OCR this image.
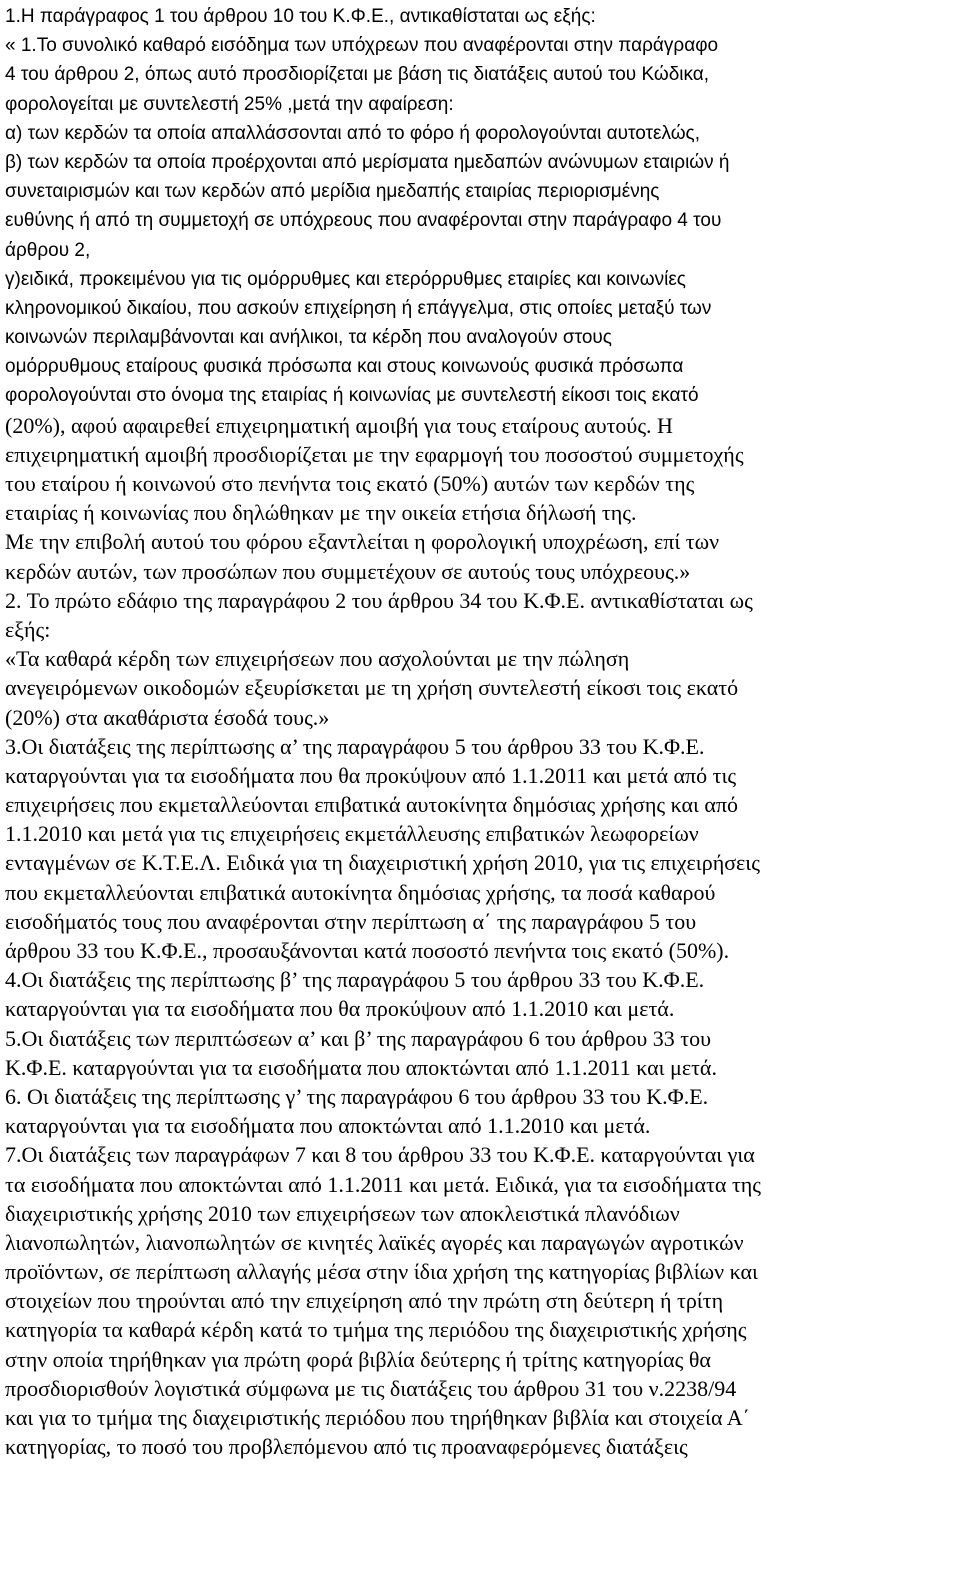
1.Η παράγραφος 1 του άρθρου 10 του Κ.Φ.Ε., αντικαθίσταται ως εξής:
« 1.Το συνολικό καθαρό εισόδημα των υπόχρεων που αναφέρονται στην παράγραφο
4 του άρθρου 2, όπως αυτό προσδιορίζεται με βάση τις διατάξεις αυτού του Κώδικα,
φορολογείται με συντελεστή 25% ,μετά την αφαίρεση:
α) των κερδών τα οποία απαλλάσσονται από το φόρο ή φορολογούνται αυτοτελώς,
β) των κερδών τα οποία προέρχονται από μερίσματα ημεδαπών ανώνυμων εταιριών ή
συνεταιρισμών και των κερδών από μερίδια ημεδαπής εταιρίας περιορισμένης
ευθύνης ή από τη συμμετοχή σε υπόχρεους που αναφέρονται στην παράγραφο 4 του
άρθρου 2,
γ)ειδικά, προκειμένου για τις ομόρρυθμες και ετερόρρυθμες εταιρίες και κοινωνίες
κληρονομικού δικαίου, που ασκούν επιχείρηση ή επάγγελμα, στις οποίες μεταξύ των
κοινωνών περιλαμβάνονται και ανήλικοι, τα κέρδη που αναλογούν στους
ομόρρυθμους εταίρους φυσικά πρόσωπα και στους κοινωνούς φυσικά πρόσωπα
φορολογούνται στο όνομα της εταιρίας ή κοινωνίας με συντελεστή είκοσι τοις εκατό
(20%), αφού αφαιρεθεί επιχειρηματική αμοιβή για τους εταίρους αυτούς. Η
επιχειρηματική αμοιβή προσδιορίζεται με την εφαρμογή του ποσοστού συμμετοχής
του εταίρου ή κοινωνού στο πενήντα τοις εκατό (50%) αυτών των κερδών της
εταιρίας ή κοινωνίας που δηλώθηκαν με την οικεία ετήσια δήλωσή της.
Με την επιβολή αυτού του φόρου εξαντλείται η φορολογική υποχρέωση, επί των
κερδών αυτών, των προσώπων που συμμετέχουν σε αυτούς τους υπόχρεους.»
2. Το πρώτο εδάφιο της παραγράφου 2 του άρθρου 34 του Κ.Φ.Ε. αντικαθίσταται ως
εξής:
«Τα καθαρά κέρδη των επιχειρήσεων που ασχολούνται με την πώληση
ανεγειρόμενων οικοδομών εξευρίσκεται με τη χρήση συντελεστή είκοσι τοις εκατό
(20%) στα ακαθάριστα έσοδά τους.»
3.Οι διατάξεις της περίπτωσης α’ της παραγράφου 5 του άρθρου 33 του Κ.Φ.Ε.
καταργούνται για τα εισοδήματα που θα προκύψουν από 1.1.2011 και μετά από τις
επιχειρήσεις που εκμεταλλεύονται επιβατικά αυτοκίνητα δημόσιας χρήσης και από
1.1.2010 και μετά για τις επιχειρήσεις εκμετάλλευσης επιβατικών λεωφορείων
ενταγμένων σε Κ.Τ.Ε.Λ. Ειδικά για τη διαχειριστική χρήση 2010, για τις επιχειρήσεις
που εκμεταλλεύονται επιβατικά αυτοκίνητα δημόσιας χρήσης, τα ποσά καθαρού
εισοδήματός τους που αναφέρονται στην περίπτωση α΄ της παραγράφου 5 του
άρθρου 33 του Κ.Φ.Ε., προσαυξάνονται κατά ποσοστό πενήντα τοις εκατό (50%).
4.Οι διατάξεις της περίπτωσης β’ της παραγράφου 5 του άρθρου 33 του Κ.Φ.Ε.
καταργούνται για τα εισοδήματα που θα προκύψουν από 1.1.2010 και μετά.
5.Οι διατάξεις των περιπτώσεων α’ και β’ της παραγράφου 6 του άρθρου 33 του
Κ.Φ.Ε. καταργούνται για τα εισοδήματα που αποκτώνται από 1.1.2011 και μετά.
6. Οι διατάξεις της περίπτωσης γ’ της παραγράφου 6 του άρθρου 33 του Κ.Φ.Ε.
καταργούνται για τα εισοδήματα που αποκτώνται από 1.1.2010 και μετά.
7.Οι διατάξεις των παραγράφων 7 και 8 του άρθρου 33 του Κ.Φ.Ε. καταργούνται για
τα εισοδήματα που αποκτώνται από 1.1.2011 και μετά. Ειδικά, για τα εισοδήματα της
διαχειριστικής χρήσης 2010 των επιχειρήσεων των αποκλειστικά πλανόδιων
λιανοπωλητών, λιανοπωλητών σε κινητές λαϊκές αγορές και παραγωγών αγροτικών
προϊόντων, σε περίπτωση αλλαγής μέσα στην ίδια χρήση της κατηγορίας βιβλίων και
στοιχείων που τηρούνται από την επιχείρηση από την πρώτη στη δεύτερη ή τρίτη
κατηγορία τα καθαρά κέρδη κατά το τμήμα της περιόδου της διαχειριστικής χρήσης
στην οποία τηρήθηκαν για πρώτη φορά βιβλία δεύτερης ή τρίτης κατηγορίας θα
προσδιορισθούν λογιστικά σύμφωνα με τις διατάξεις του άρθρου 31 του ν.2238/94
και για το τμήμα της διαχειριστικής περιόδου που τηρήθηκαν βιβλία και στοιχεία Α΄
κατηγορίας, το ποσό του προβλεπόμενου από τις προαναφερόμενες διατάξεις
